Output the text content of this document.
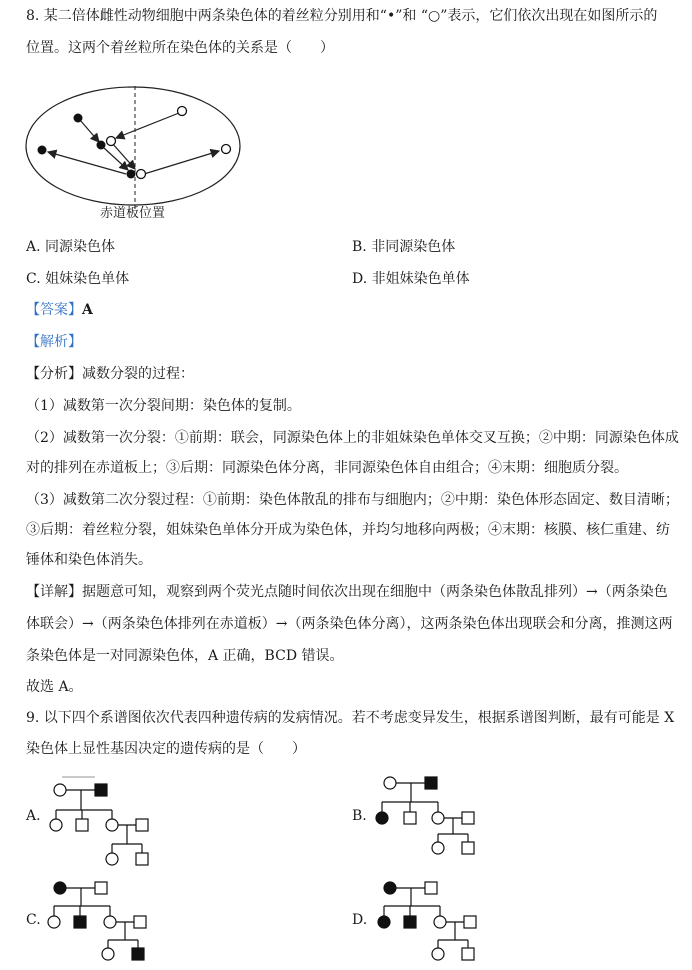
8. 某二倍体雌性动物细胞中两条染色体的着丝粒分别用和“•”和 “○”表示，它们依次出现在如图所示的
位置。这两个着丝粒所在染色体的关系是（　　）
赤道板位置
A. 同源染色体	B. 非同源染色体
C. 姐妹染色单体	D. 非姐妹染色单体
【答案】A
【解析】
【分析】减数分裂的过程：
（1）减数第一次分裂间期：染色体的复制。
（2）减数第一次分裂：①前期：联会，同源染色体上的非姐妹染色单体交叉互换；②中期：同源染色体成
对的排列在赤道板上；③后期：同源染色体分离，非同源染色体自由组合；④末期：细胞质分裂。
（3）减数第二次分裂过程：①前期：染色体散乱的排布与细胞内；②中期：染色体形态固定、数目清晰；
③后期：着丝粒分裂，姐妹染色单体分开成为染色体，并均匀地移向两极；④末期：核膜、核仁重建、纺
锤体和染色体消失。
【详解】据题意可知，观察到两个荧光点随时间依次出现在细胞中（两条染色体散乱排列）→（两条染色
体联会）→（两条染色体排列在赤道板）→（两条染色体分离），这两条染色体出现联会和分离，推测这两
条染色体是一对同源染色体，A 正确，BCD 错误。
故选 A。
9. 以下四个系谱图依次代表四种遗传病的发病情况。若不考虑变异发生，根据系谱图判断，最有可能是 X
染色体上显性基因决定的遗传病的是（　　）
A.	B.
C.	D.
